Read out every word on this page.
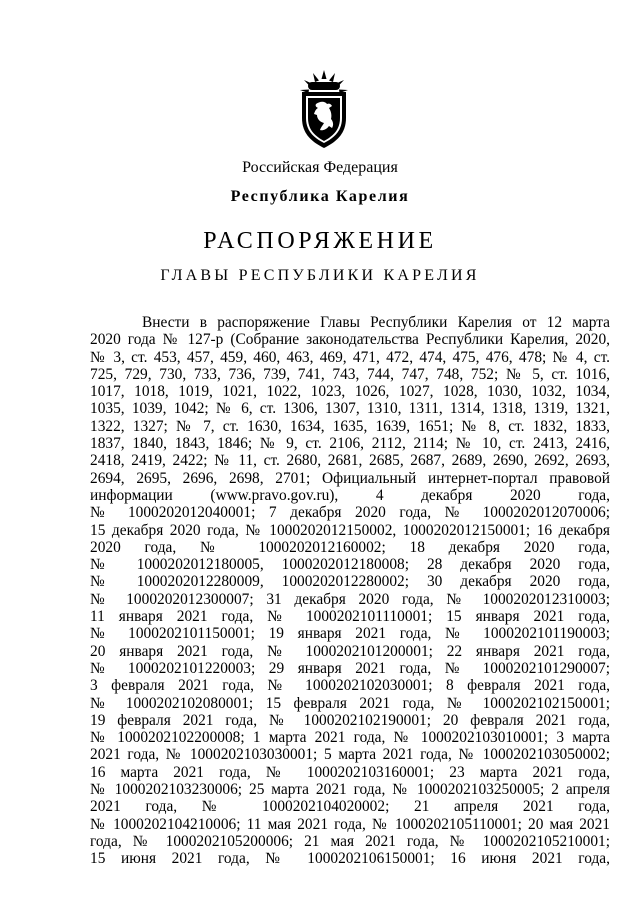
Российская Федерация
Республика Карелия
РАСПОРЯЖЕНИЕ
ГЛАВЫ РЕСПУБЛИКИ КАРЕЛИЯ
Внести в распоряжение Главы Республики Карелия от 12 марта
2020 года № 127-р (Собрание законодательства Республики Карелия, 2020,
№ 3, ст. 453, 457, 459, 460, 463, 469, 471, 472, 474, 475, 476, 478; № 4, ст.
725, 729, 730, 733, 736, 739, 741, 743, 744, 747, 748, 752; № 5, ст. 1016,
1017, 1018, 1019, 1021, 1022, 1023, 1026, 1027, 1028, 1030, 1032, 1034,
1035, 1039, 1042; № 6, ст. 1306, 1307, 1310, 1311, 1314, 1318, 1319, 1321,
1322, 1327; № 7, ст. 1630, 1634, 1635, 1639, 1651; № 8, ст. 1832, 1833,
1837, 1840, 1843, 1846; № 9, ст. 2106, 2112, 2114; № 10, ст. 2413, 2416,
2418, 2419, 2422; № 11, ст. 2680, 2681, 2685, 2687, 2689, 2690, 2692, 2693,
2694, 2695, 2696, 2698, 2701; Официальный интернет-портал правовой
информации (www.pravo.gov.ru), 4 декабря 2020 года,
№ 1000202012040001; 7 декабря 2020 года, № 1000202012070006;
15 декабря 2020 года, № 1000202012150002, 1000202012150001; 16 декабря
2020 года, № 1000202012160002; 18 декабря 2020 года,
№ 1000202012180005, 1000202012180008; 28 декабря 2020 года,
№ 1000202012280009, 1000202012280002; 30 декабря 2020 года,
№ 1000202012300007; 31 декабря 2020 года, № 1000202012310003;
11 января 2021 года, № 1000202101110001; 15 января 2021 года,
№ 1000202101150001; 19 января 2021 года, № 1000202101190003;
20 января 2021 года, № 1000202101200001; 22 января 2021 года,
№ 1000202101220003; 29 января 2021 года, № 1000202101290007;
3 февраля 2021 года, № 1000202102030001; 8 февраля 2021 года,
№ 1000202102080001; 15 февраля 2021 года, № 1000202102150001;
19 февраля 2021 года, № 1000202102190001; 20 февраля 2021 года,
№ 1000202102200008; 1 марта 2021 года, № 1000202103010001; 3 марта
2021 года, № 1000202103030001; 5 марта 2021 года, № 1000202103050002;
16 марта 2021 года, № 1000202103160001; 23 марта 2021 года,
№ 1000202103230006; 25 марта 2021 года, № 1000202103250005; 2 апреля
2021 года, № 1000202104020002; 21 апреля 2021 года,
№ 1000202104210006; 11 мая 2021 года, № 1000202105110001; 20 мая 2021
года, № 1000202105200006; 21 мая 2021 года, № 1000202105210001;
15 июня 2021 года, № 1000202106150001; 16 июня 2021 года,
